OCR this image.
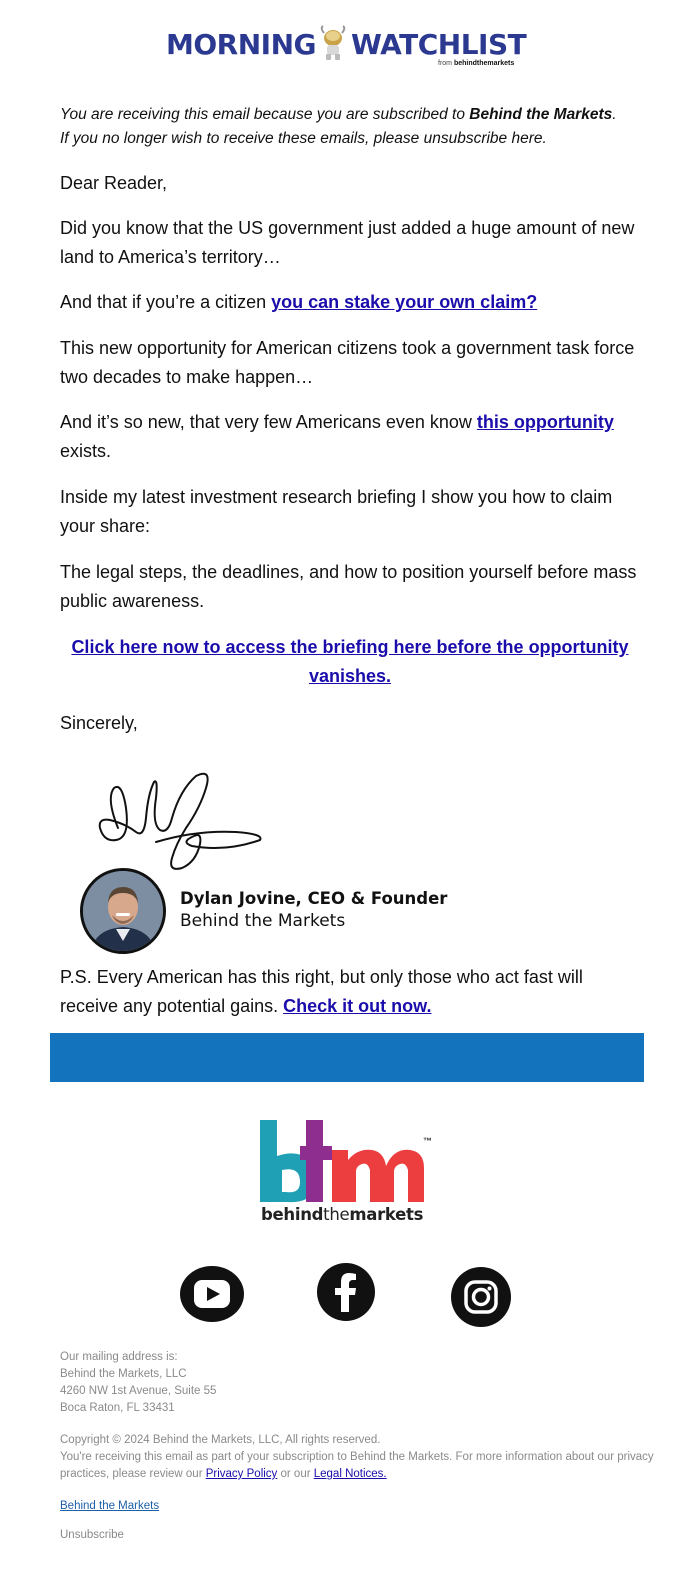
MORNING WATCHLIST
from behindthemarkets
You are receiving this email because you are subscribed to Behind the Markets.
If you no longer wish to receive these emails, please unsubscribe here.
Dear Reader,
Did you know that the US government just added a huge amount of new land to America’s territory…
And that if you’re a citizen you can stake your own claim?
This new opportunity for American citizens took a government task force two decades to make happen…
And it’s so new, that very few Americans even know this opportunity exists.
Inside my latest investment research briefing I show you how to claim your share:
The legal steps, the deadlines, and how to position yourself before mass public awareness.
Click here now to access the briefing here before the opportunity vanishes.
Sincerely,
Dylan Jovine, CEO & Founder
Behind the Markets
P.S. Every American has this right, but only those who act fast will receive any potential gains. Check it out now.
™
behindthemarkets
Our mailing address is:
Behind the Markets, LLC
4260 NW 1st Avenue, Suite 55
Boca Raton, FL 33431
Copyright © 2024 Behind the Markets, LLC, All rights reserved.
You're receiving this email as part of your subscription to Behind the Markets. For more information about our privacy practices, please review our Privacy Policy or our Legal Notices.
Behind the Markets
Unsubscribe
